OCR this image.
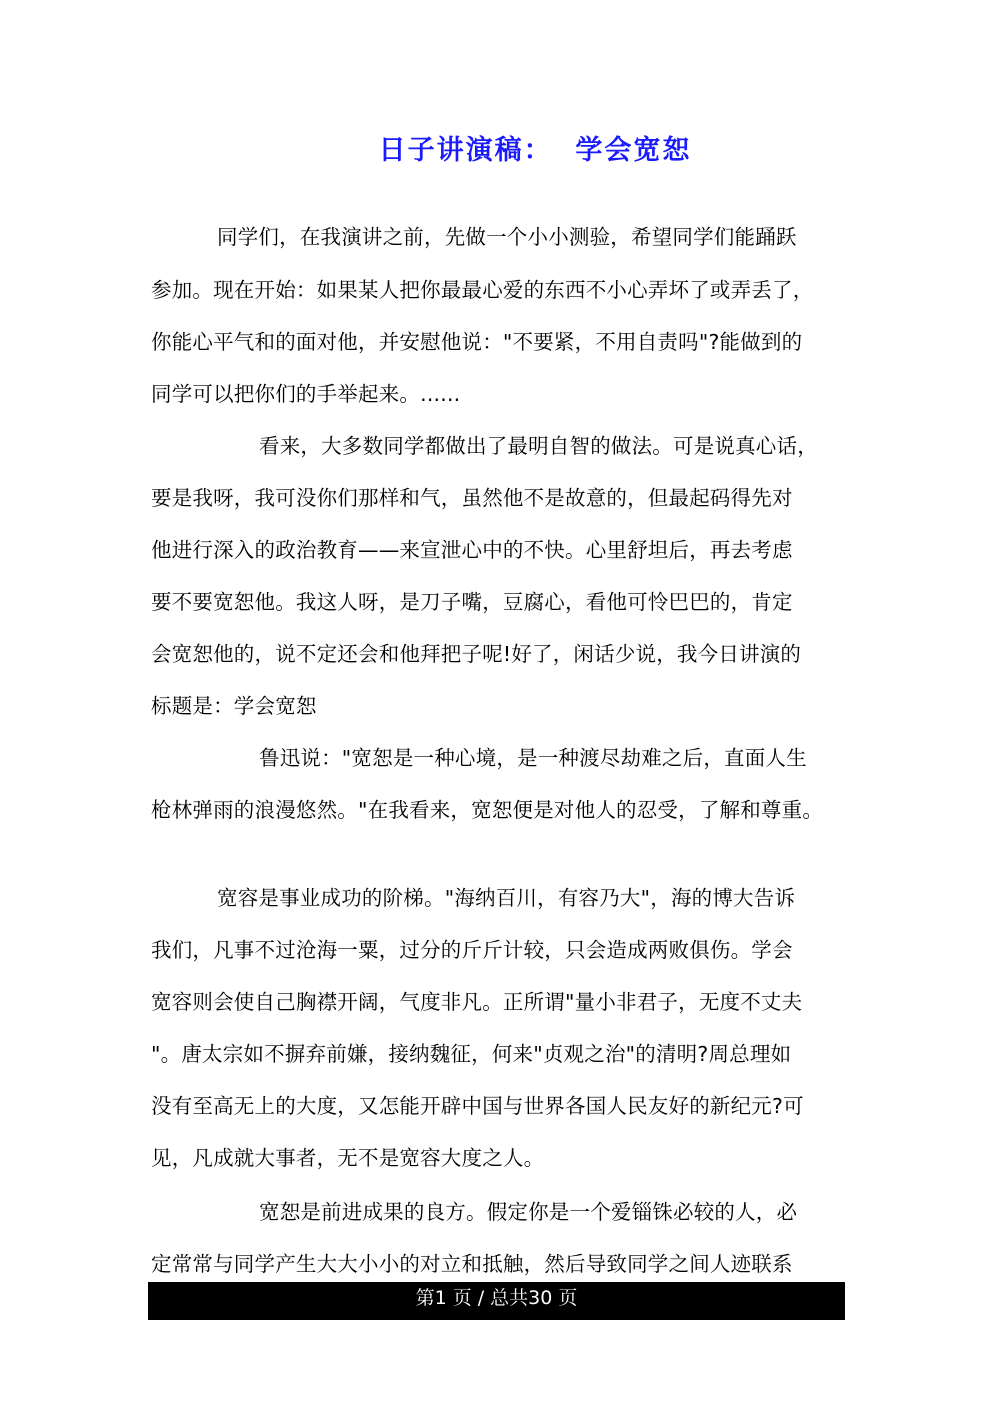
日子讲演稿：  学会宽恕
同学们，在我演讲之前，先做一个小小测验，希望同学们能踊跃
参加。现在开始：如果某人把你最最心爱的东西不小心弄坏了或弄丢了，
你能心平气和的面对他，并安慰他说："不要紧，不用自责吗"?能做到的
同学可以把你们的手举起来。......
看来，大多数同学都做出了最明自智的做法。可是说真心话，
要是我呀，我可没你们那样和气，虽然他不是故意的，但最起码得先对
他进行深入的政治教育——来宣泄心中的不快。心里舒坦后，再去考虑
要不要宽恕他。我这人呀，是刀子嘴，豆腐心，看他可怜巴巴的，肯定
会宽恕他的，说不定还会和他拜把子呢!好了，闲话少说，我今日讲演的
标题是：学会宽恕
鲁迅说："宽恕是一种心境，是一种渡尽劫难之后，直面人生
枪林弹雨的浪漫悠然。"在我看来，宽恕便是对他人的忍受，了解和尊重。
宽容是事业成功的阶梯。"海纳百川，有容乃大"，海的博大告诉
我们，凡事不过沧海一粟，过分的斤斤计较，只会造成两败俱伤。学会
宽容则会使自己胸襟开阔，气度非凡。正所谓"量小非君子，无度不丈夫
"。唐太宗如不摒弃前嫌，接纳魏征，何来"贞观之治"的清明?周总理如
没有至高无上的大度，又怎能开辟中国与世界各国人民友好的新纪元?可
见，凡成就大事者，无不是宽容大度之人。
宽恕是前进成果的良方。假定你是一个爱锱铢必较的人，必
定常常与同学产生大大小小的对立和抵触，然后导致同学之间人迹联系
第1 页 / 总共30 页
